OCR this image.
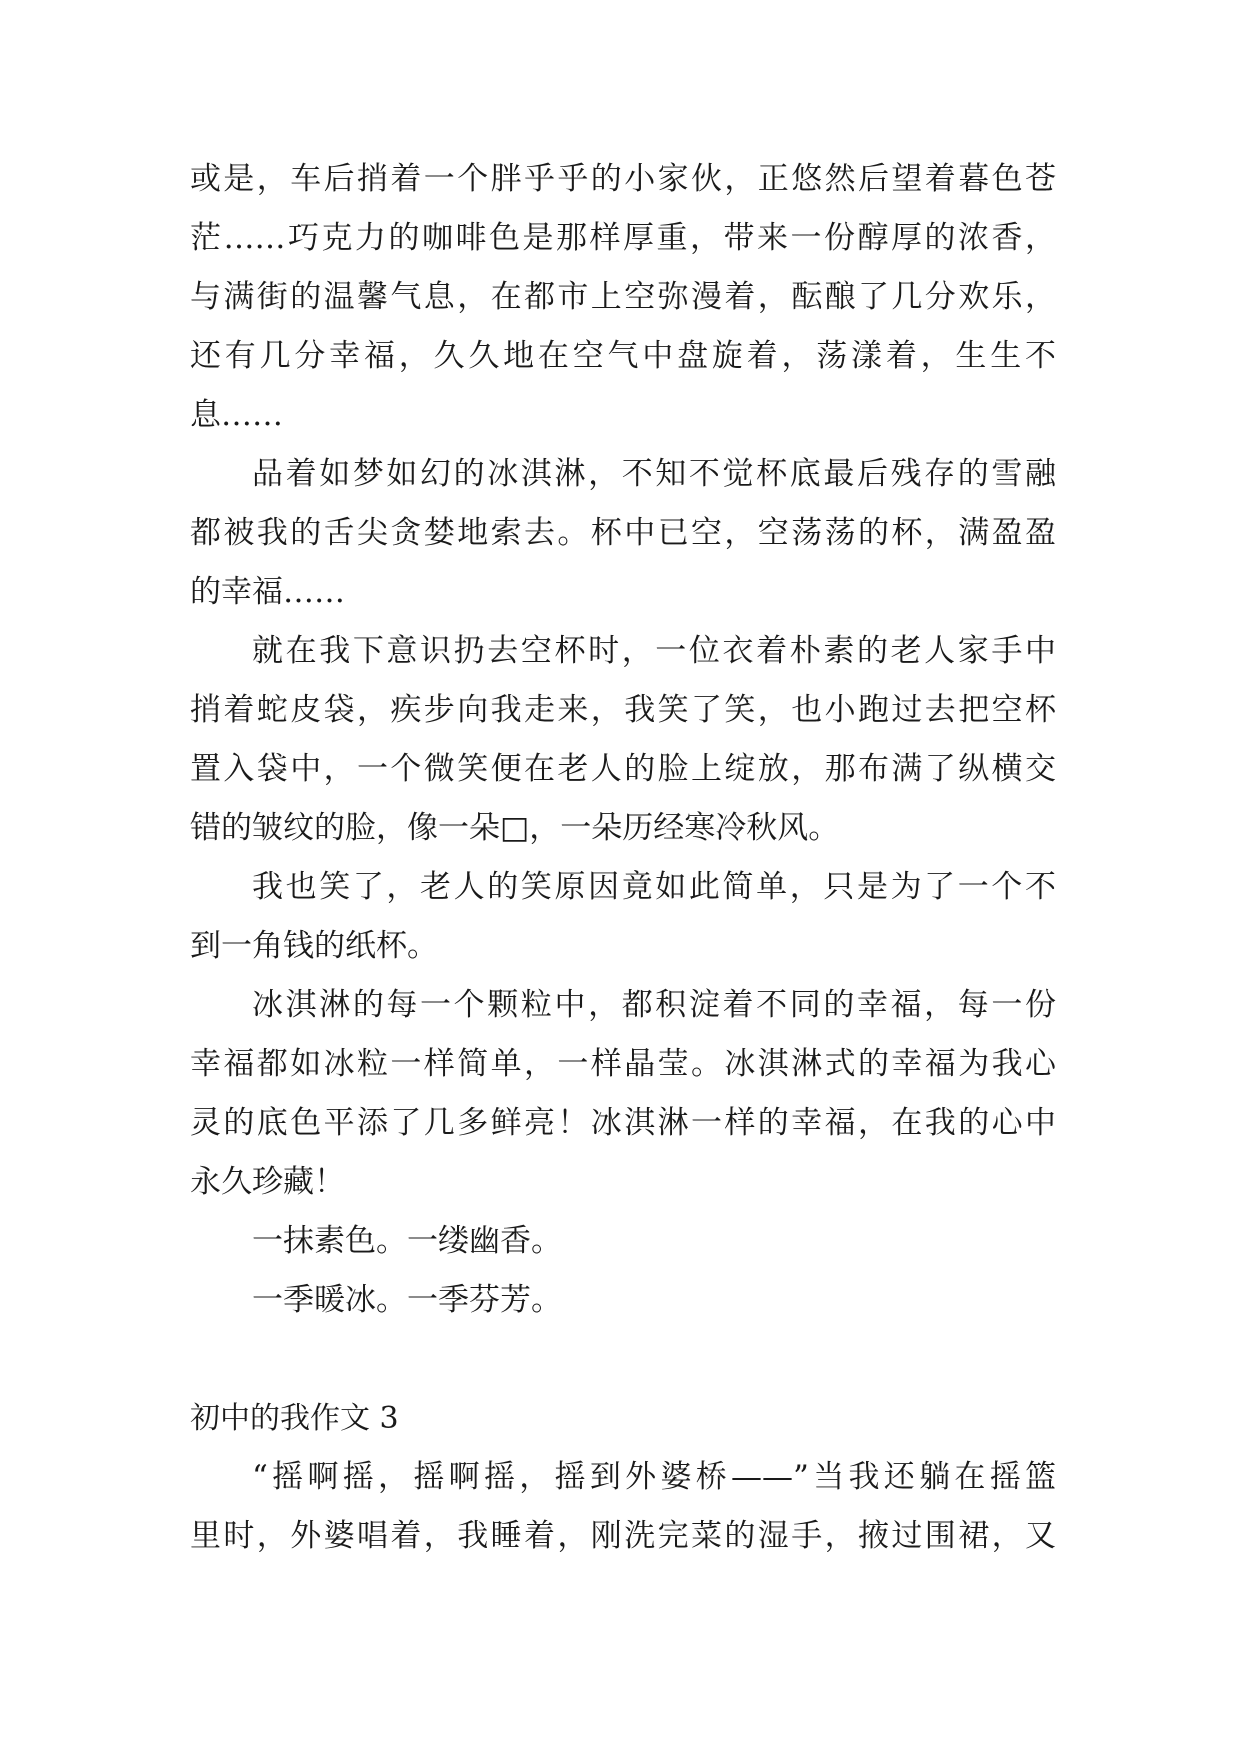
或是，车后捎着一个胖乎乎的小家伙，正悠然后望着暮色苍
茫……巧克力的咖啡色是那样厚重，带来一份醇厚的浓香，
与满街的温馨气息，在都市上空弥漫着，酝酿了几分欢乐，
还有几分幸福，久久地在空气中盘旋着，荡漾着，生生不
息……
品着如梦如幻的冰淇淋，不知不觉杯底最后残存的雪融
都被我的舌尖贪婪地索去。杯中已空，空荡荡的杯，满盈盈
的幸福……
就在我下意识扔去空杯时，一位衣着朴素的老人家手中
捎着蛇皮袋，疾步向我走来，我笑了笑，也小跑过去把空杯
置入袋中，一个微笑便在老人的脸上绽放，那布满了纵横交
错的皱纹的脸，像一朵□，一朵历经寒冷秋风。
我也笑了，老人的笑原因竟如此简单，只是为了一个不
到一角钱的纸杯。
冰淇淋的每一个颗粒中，都积淀着不同的幸福，每一份
幸福都如冰粒一样简单，一样晶莹。冰淇淋式的幸福为我心
灵的底色平添了几多鲜亮！冰淇淋一样的幸福，在我的心中
永久珍藏！
一抹素色。一缕幽香。
一季暖冰。一季芬芳。
初中的我作文 3
“摇啊摇，摇啊摇，摇到外婆桥——”当我还躺在摇篮
里时，外婆唱着，我睡着，刚洗完菜的湿手，掖过围裙，又
